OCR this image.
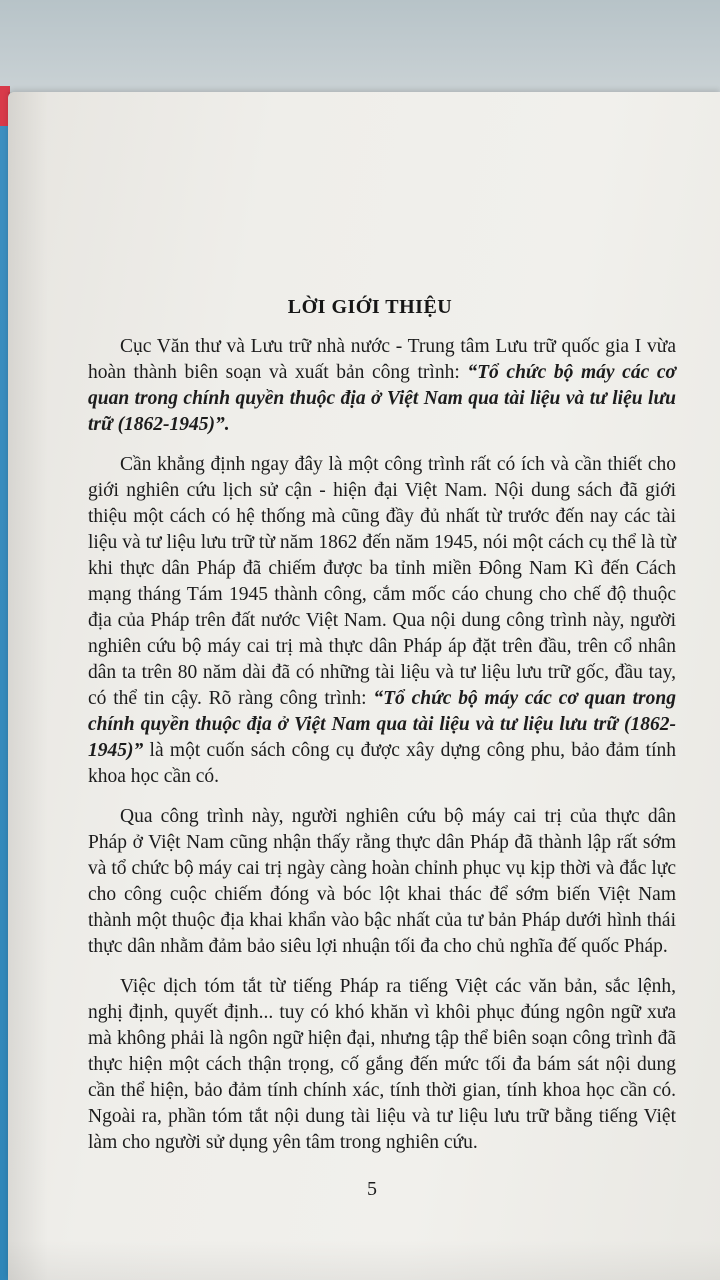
LỜI GIỚI THIỆU

Cục Văn thư và Lưu trữ nhà nước - Trung tâm Lưu trữ quốc gia I vừa hoàn thành biên soạn và xuất bản công trình: “Tổ chức bộ máy các cơ quan trong chính quyền thuộc địa ở Việt Nam qua tài liệu và tư liệu lưu trữ (1862-1945)”.

Cần khẳng định ngay đây là một công trình rất có ích và cần thiết cho giới nghiên cứu lịch sử cận - hiện đại Việt Nam. Nội dung sách đã giới thiệu một cách có hệ thống mà cũng đầy đủ nhất từ trước đến nay các tài liệu và tư liệu lưu trữ từ năm 1862 đến năm 1945, nói một cách cụ thể là từ khi thực dân Pháp đã chiếm được ba tỉnh miền Đông Nam Kì đến Cách mạng tháng Tám 1945 thành công, cắm mốc cáo chung cho chế độ thuộc địa của Pháp trên đất nước Việt Nam. Qua nội dung công trình này, người nghiên cứu bộ máy cai trị mà thực dân Pháp áp đặt trên đầu, trên cổ nhân dân ta trên 80 năm dài đã có những tài liệu và tư liệu lưu trữ gốc, đầu tay, có thể tin cậy. Rõ ràng công trình: “Tổ chức bộ máy các cơ quan trong chính quyền thuộc địa ở Việt Nam qua tài liệu và tư liệu lưu trữ (1862-1945)” là một cuốn sách công cụ được xây dựng công phu, bảo đảm tính khoa học cần có.

Qua công trình này, người nghiên cứu bộ máy cai trị của thực dân Pháp ở Việt Nam cũng nhận thấy rằng thực dân Pháp đã thành lập rất sớm và tổ chức bộ máy cai trị ngày càng hoàn chỉnh phục vụ kịp thời và đắc lực cho công cuộc chiếm đóng và bóc lột khai thác để sớm biến Việt Nam thành một thuộc địa khai khẩn vào bậc nhất của tư bản Pháp dưới hình thái thực dân nhằm đảm bảo siêu lợi nhuận tối đa cho chủ nghĩa đế quốc Pháp.

Việc dịch tóm tắt từ tiếng Pháp ra tiếng Việt các văn bản, sắc lệnh, nghị định, quyết định... tuy có khó khăn vì khôi phục đúng ngôn ngữ xưa mà không phải là ngôn ngữ hiện đại, nhưng tập thể biên soạn công trình đã thực hiện một cách thận trọng, cố gắng đến mức tối đa bám sát nội dung cần thể hiện, bảo đảm tính chính xác, tính thời gian, tính khoa học cần có. Ngoài ra, phần tóm tắt nội dung tài liệu và tư liệu lưu trữ bằng tiếng Việt làm cho người sử dụng yên tâm trong nghiên cứu.

5
